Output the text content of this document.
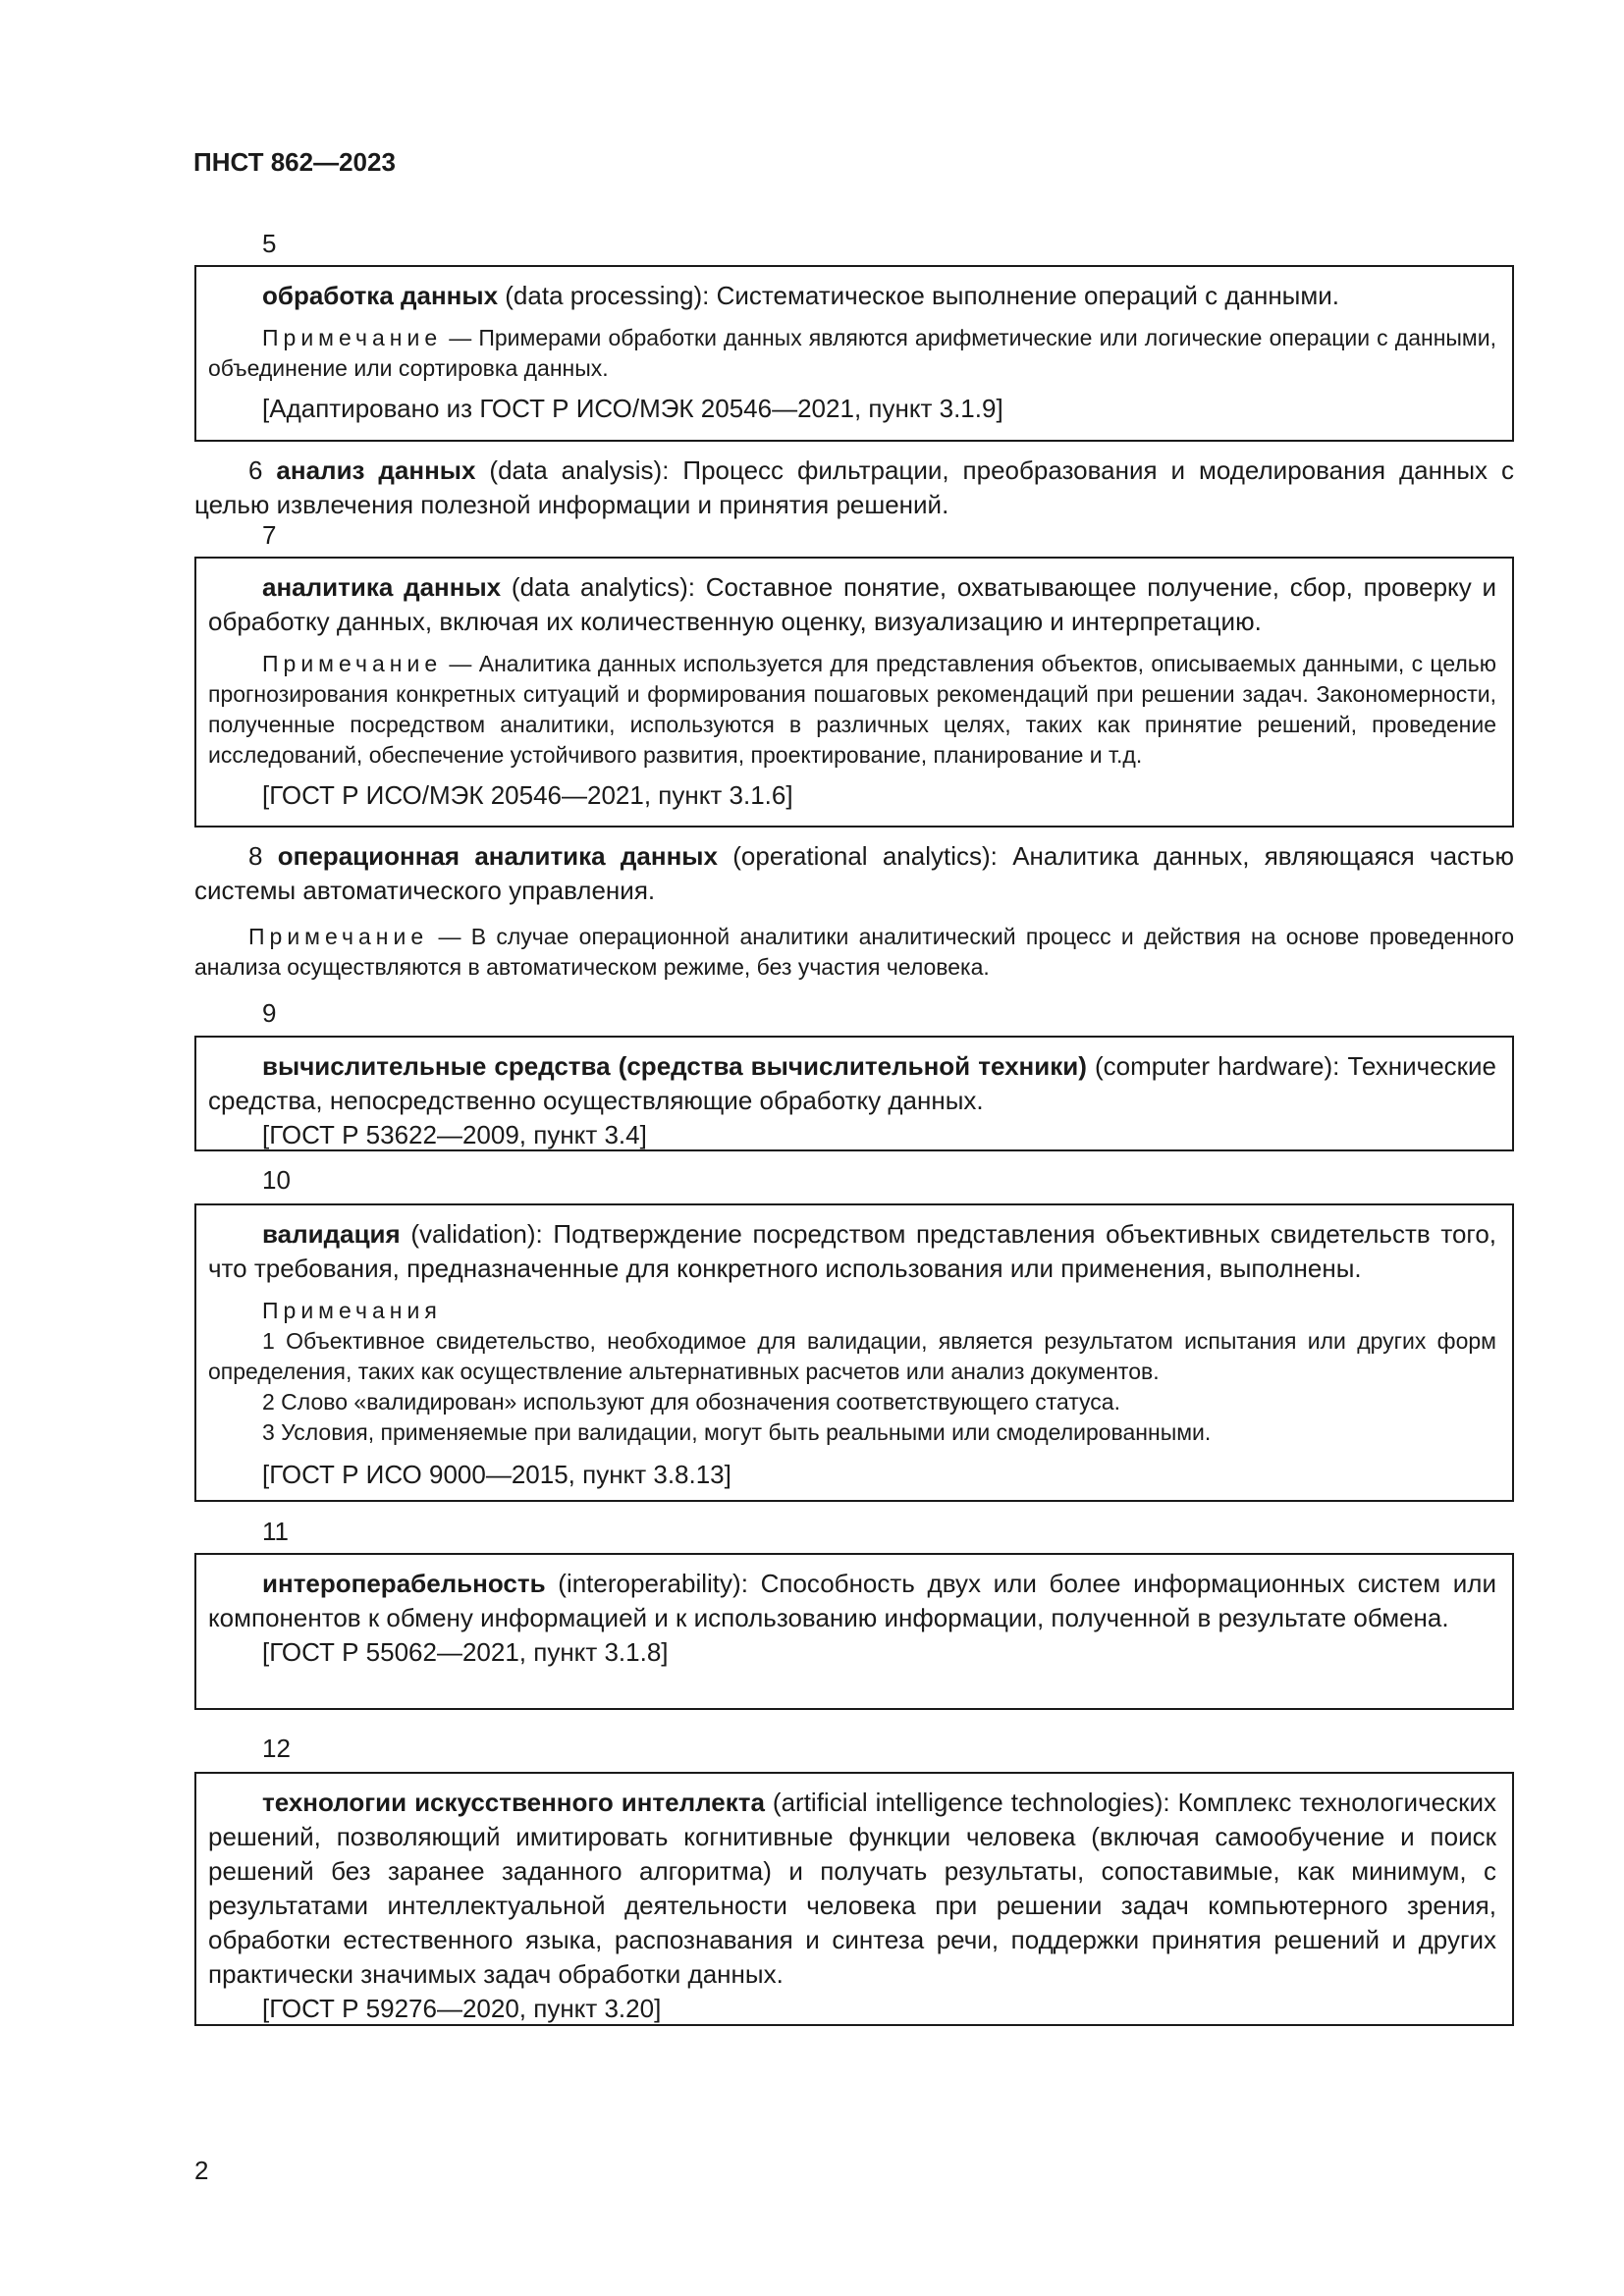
ПНСТ 862—2023
5

обработка данных (data processing): Систематическое выполнение операций с данными.

Примечание — Примерами обработки данных являются арифметические или логические операции с данными, объединение или сортировка данных.

[Адаптировано из ГОСТ Р ИСО/МЭК 20546—2021, пункт 3.1.9]

6 анализ данных (data analysis): Процесс фильтрации, преобразования и моделирования данных с целью извлечения полезной информации и принятия решений.

7

аналитика данных (data analytics): Составное понятие, охватывающее получение, сбор, проверку и обработку данных, включая их количественную оценку, визуализацию и интерпретацию.

Примечание — Аналитика данных используется для представления объектов, описываемых данными, с целью прогнозирования конкретных ситуаций и формирования пошаговых рекомендаций при решении задач. Закономерности, полученные посредством аналитики, используются в различных целях, таких как принятие решений, проведение исследований, обеспечение устойчивого развития, проектирование, планирование и т.д.

[ГОСТ Р ИСО/МЭК 20546—2021, пункт 3.1.6]

8 операционная аналитика данных (operational analytics): Аналитика данных, являющаяся частью системы автоматического управления.

Примечание — В случае операционной аналитики аналитический процесс и действия на основе проведенного анализа осуществляются в автоматическом режиме, без участия человека.

9

вычислительные средства (средства вычислительной техники) (computer hardware): Технические средства, непосредственно осуществляющие обработку данных.

[ГОСТ Р 53622—2009, пункт 3.4]

10

валидация (validation): Подтверждение посредством представления объективных свидетельств того, что требования, предназначенные для конкретного использования или применения, выполнены.

Примечания

1 Объективное свидетельство, необходимое для валидации, является результатом испытания или других форм определения, таких как осуществление альтернативных расчетов или анализ документов.

2 Слово «валидирован» используют для обозначения соответствующего статуса.

3 Условия, применяемые при валидации, могут быть реальными или смоделированными.

[ГОСТ Р ИСО 9000—2015, пункт 3.8.13]

11

интероперабельность (interoperability): Способность двух или более информационных систем или компонентов к обмену информацией и к использованию информации, полученной в результате обмена.

[ГОСТ Р 55062—2021, пункт 3.1.8]

12

технологии искусственного интеллекта (artificial intelligence technologies): Комплекс технологических решений, позволяющий имитировать когнитивные функции человека (включая самообучение и поиск решений без заранее заданного алгоритма) и получать результаты, сопоставимые, как минимум, с результатами интеллектуальной деятельности человека при решении задач компьютерного зрения, обработки естественного языка, распознавания и синтеза речи, поддержки принятия решений и других практически значимых задач обработки данных.

[ГОСТ Р 59276—2020, пункт 3.20]

2
